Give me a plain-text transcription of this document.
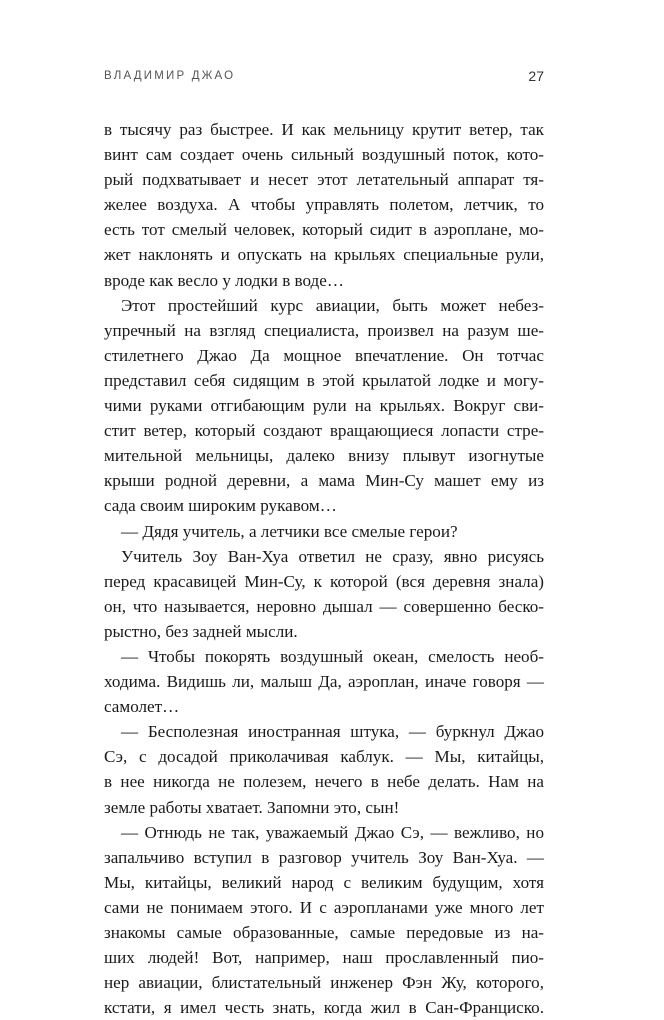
ВЛАДИМИР ДЖАО	27
в тысячу раз быстрее. И как мельницу крутит ветер, так
винт сам создает очень сильный воздушный поток, кото-
рый подхватывает и несет этот летательный аппарат тя-
желее воздуха. А чтобы управлять полетом, летчик, то
есть тот смелый человек, который сидит в аэроплане, мо-
жет наклонять и опускать на крыльях специальные рули,
вроде как весло у лодки в воде…
Этот простейший курс авиации, быть может небез-
упречный на взгляд специалиста, произвел на разум ше-
стилетнего Джао Да мощное впечатление. Он тотчас
представил себя сидящим в этой крылатой лодке и могу-
чими руками отгибающим рули на крыльях. Вокруг сви-
стит ветер, который создают вращающиеся лопасти стре-
мительной мельницы, далеко внизу плывут изогнутые
крыши родной деревни, а мама Мин-Су машет ему из
сада своим широким рукавом…
— Дядя учитель, а летчики все смелые герои?
Учитель Зоу Ван-Хуа ответил не сразу, явно рисуясь
перед красавицей Мин-Су, к которой (вся деревня знала)
он, что называется, неровно дышал — совершенно беско-
рыстно, без задней мысли.
— Чтобы покорять воздушный океан, смелость необ-
ходима. Видишь ли, малыш Да, аэроплан, иначе говоря —
самолет…
— Бесполезная иностранная штука, — буркнул Джао
Сэ, с досадой приколачивая каблук. — Мы, китайцы,
в нее никогда не полезем, нечего в небе делать. Нам на
земле работы хватает. Запомни это, сын!
— Отнюдь не так, уважаемый Джао Сэ, — вежливо, но
запальчиво вступил в разговор учитель Зоу Ван-Хуа. —
Мы, китайцы, великий народ с великим будущим, хотя
сами не понимаем этого. И с аэропланами уже много лет
знакомы самые образованные, самые передовые из на-
ших людей! Вот, например, наш прославленный пио-
нер авиации, блистательный инженер Фэн Жу, которого,
кстати, я имел честь знать, когда жил в Сан-Франциско.
